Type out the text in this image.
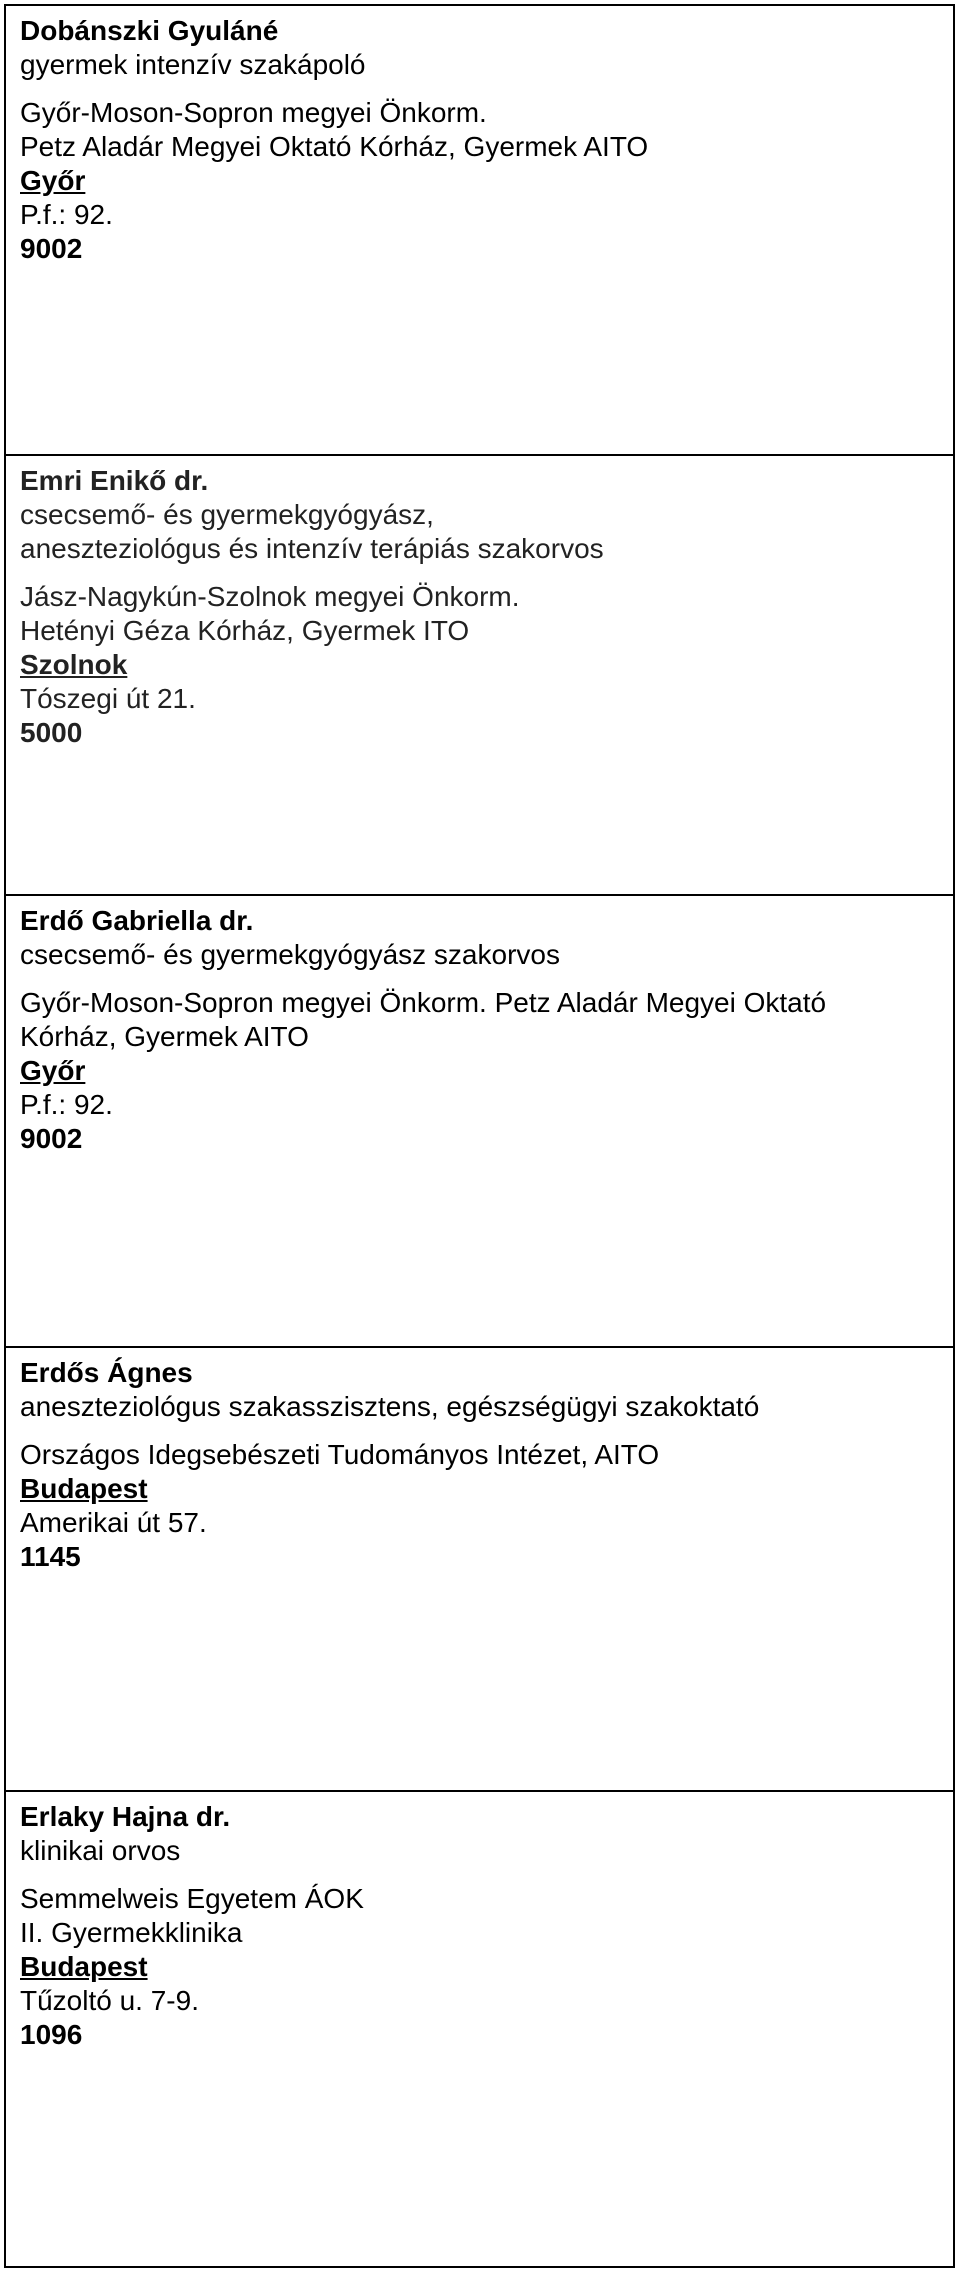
Dobánszki Gyuláné
gyermek intenzív szakápoló
Győr-Moson-Sopron megyei Önkorm.
Petz Aladár Megyei Oktató Kórház, Gyermek AITO
Győr
P.f.: 92.
9002
Emri Enikő dr.
csecsemő- és gyermekgyógyász,
aneszteziológus és intenzív terápiás szakorvos
Jász-Nagykún-Szolnok megyei Önkorm.
Hetényi Géza Kórház, Gyermek ITO
Szolnok
Tószegi út 21.
5000
Erdő Gabriella dr.
csecsemő- és gyermekgyógyász szakorvos
Győr-Moson-Sopron megyei Önkorm. Petz Aladár Megyei Oktató
Kórház, Gyermek AITO
Győr
P.f.: 92.
9002
Erdős Ágnes
aneszteziológus szakasszisztens, egészségügyi szakoktató
Országos Idegsebészeti Tudományos Intézet, AITO
Budapest
Amerikai út 57.
1145
Erlaky Hajna dr.
klinikai orvos
Semmelweis Egyetem ÁOK
II. Gyermekklinika
Budapest
Tűzoltó u. 7-9.
1096
